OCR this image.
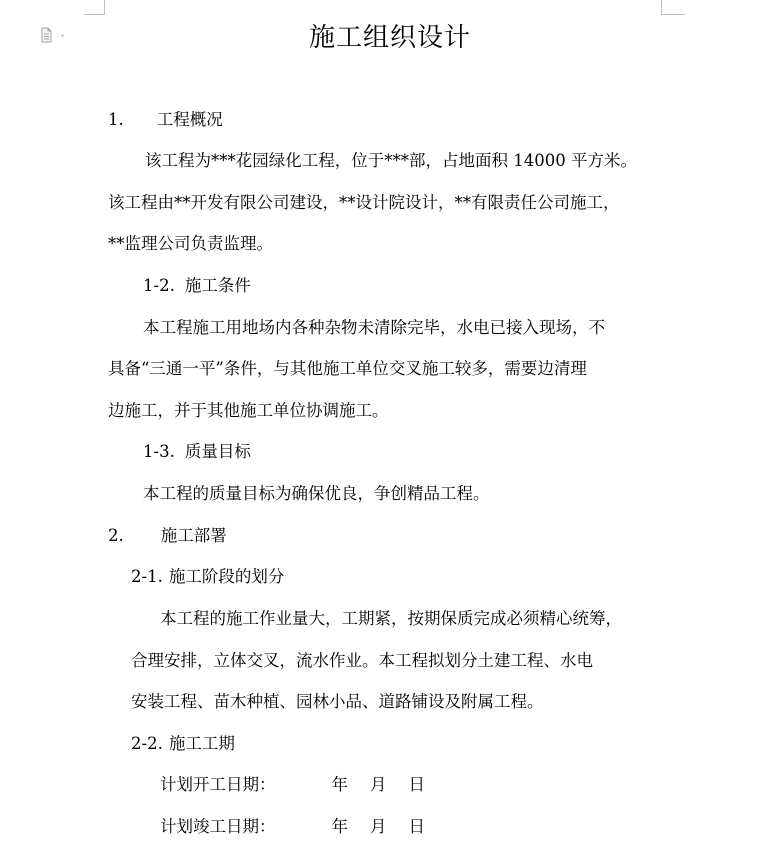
施工组织设计
1. 工程概况
该工程为***花园绿化工程，位于***部，占地面积 14000 平方米。
该工程由**开发有限公司建设，**设计院设计，**有限责任公司施工，
**监理公司负责监理。
1-2. 施工条件
本工程施工用地场内各种杂物未清除完毕，水电已接入现场，不
具备“三通一平”条件，与其他施工单位交叉施工较多，需要边清理
边施工，并于其他施工单位协调施工。
1-3. 质量目标
本工程的质量目标为确保优良，争创精品工程。
2. 施工部署
2-1. 施工阶段的划分
本工程的施工作业量大，工期紧，按期保质完成必须精心统筹，
合理安排，立体交叉，流水作业。本工程拟划分土建工程、水电
安装工程、苗木种植、园林小品、道路铺设及附属工程。
2-2. 施工工期
计划开工日期：	年 月 日
计划竣工日期：	年 月 日
